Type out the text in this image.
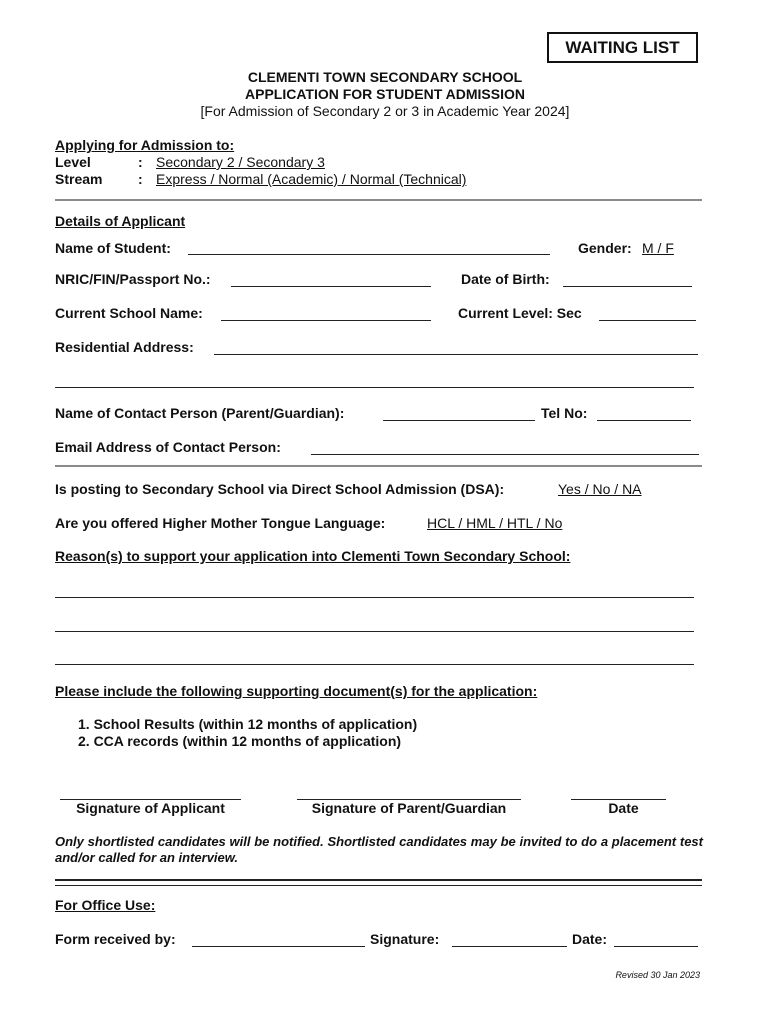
WAITING LIST
CLEMENTI TOWN SECONDARY SCHOOL
APPLICATION FOR STUDENT ADMISSION
[For Admission of Secondary 2 or 3 in Academic Year 2024]
Applying for Admission to:
Level	: Secondary 2 / Secondary 3
Stream	: Express / Normal (Academic) / Normal (Technical)
Details of Applicant
Name of Student:	Gender: M / F
NRIC/FIN/Passport No.:	Date of Birth:
Current School Name:	Current Level: Sec
Residential Address:
Name of Contact Person (Parent/Guardian):	Tel No:
Email Address of Contact Person:
Is posting to Secondary School via Direct School Admission (DSA):	Yes / No / NA
Are you offered Higher Mother Tongue Language:	HCL / HML / HTL / No
Reason(s) to support your application into Clementi Town Secondary School:
Please include the following supporting document(s) for the application:
1. School Results (within 12 months of application)
2. CCA records (within 12 months of application)
Signature of Applicant	Signature of Parent/Guardian	Date
Only shortlisted candidates will be notified. Shortlisted candidates may be invited to do a placement test and/or called for an interview.
For Office Use:
Form received by:	Signature:	Date:
Revised 30 Jan 2023
